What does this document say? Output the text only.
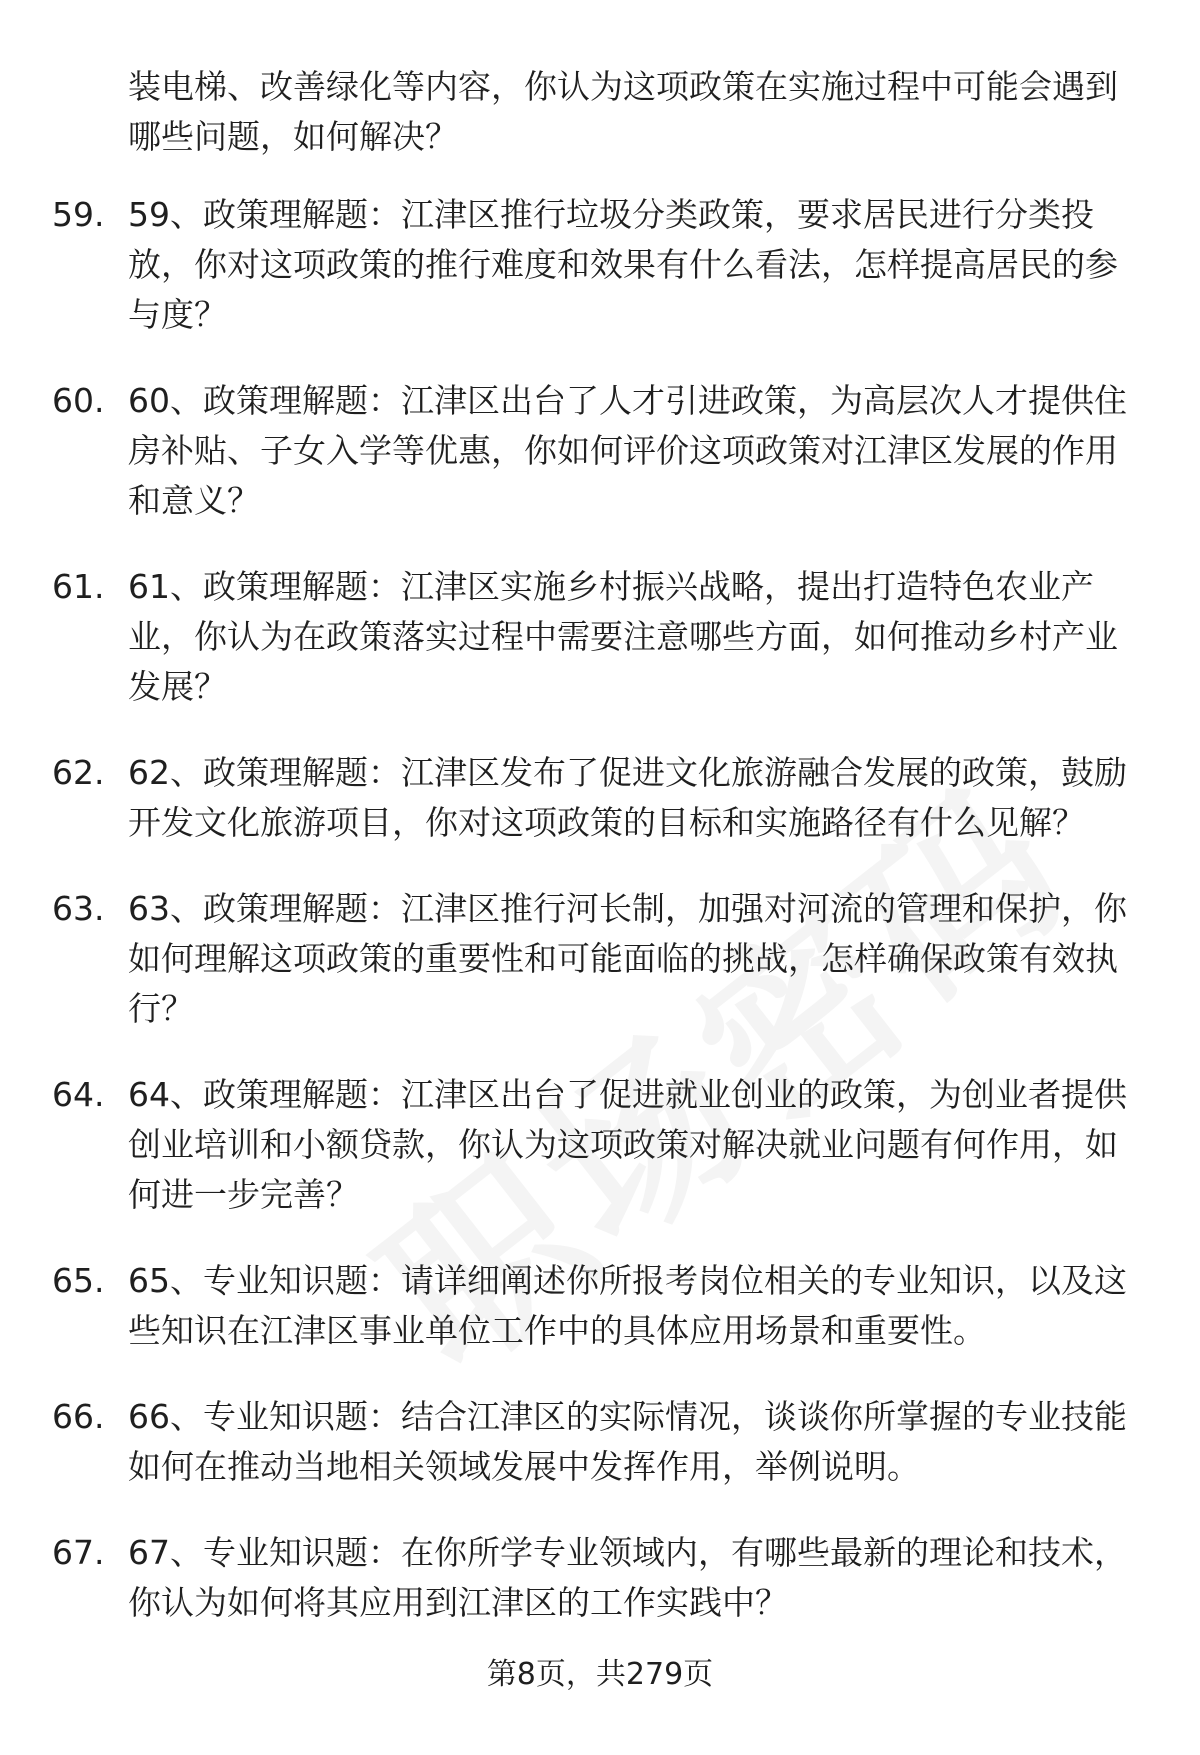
装电梯、改善绿化等内容，你认为这项政策在实施过程中可能会遇到哪些问题，如何解决？
59. 59、政策理解题：江津区推行垃圾分类政策，要求居民进行分类投放，你对这项政策的推行难度和效果有什么看法，怎样提高居民的参与度？
60. 60、政策理解题：江津区出台了人才引进政策，为高层次人才提供住房补贴、子女入学等优惠，你如何评价这项政策对江津区发展的作用和意义？
61. 61、政策理解题：江津区实施乡村振兴战略，提出打造特色农业产业，你认为在政策落实过程中需要注意哪些方面，如何推动乡村产业发展？
62. 62、政策理解题：江津区发布了促进文化旅游融合发展的政策，鼓励开发文化旅游项目，你对这项政策的目标和实施路径有什么见解？
63. 63、政策理解题：江津区推行河长制，加强对河流的管理和保护，你如何理解这项政策的重要性和可能面临的挑战，怎样确保政策有效执行？
64. 64、政策理解题：江津区出台了促进就业创业的政策，为创业者提供创业培训和小额贷款，你认为这项政策对解决就业问题有何作用，如何进一步完善？
65. 65、专业知识题：请详细阐述你所报考岗位相关的专业知识，以及这些知识在江津区事业单位工作中的具体应用场景和重要性。
66. 66、专业知识题：结合江津区的实际情况，谈谈你所掌握的专业技能如何在推动当地相关领域发展中发挥作用，举例说明。
67. 67、专业知识题：在你所学专业领域内，有哪些最新的理论和技术，你认为如何将其应用到江津区的工作实践中？
第8页，共279页
